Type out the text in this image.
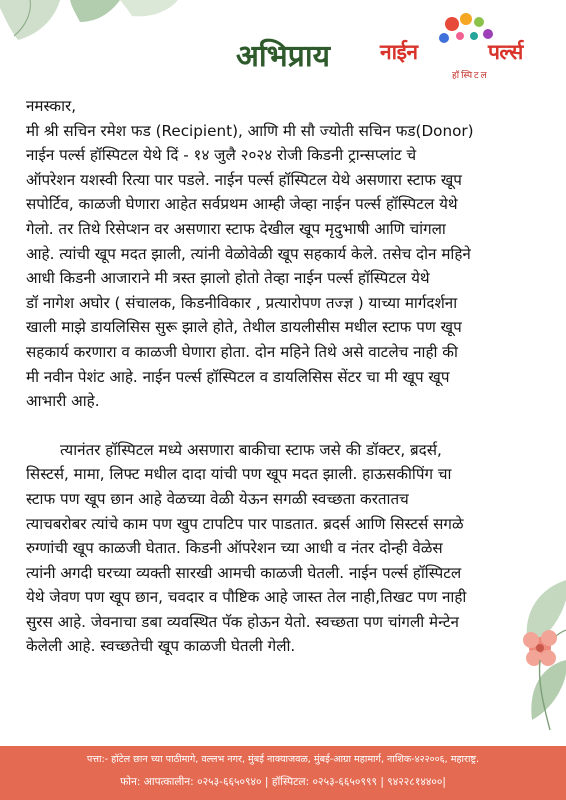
नाईन	पर्ल्स
हॉस्पिटल
अभिप्राय

नमस्कार,

मी श्री सचिन रमेश फड (Recipient), आणि मी सौ ज्योती सचिन फड(Donor)

नाईन पर्ल्स हॉस्पिटल येथे दिं - १४ जुलै २०२४ रोजी किडनी ट्रान्सप्लांट चे

ऑपरेशन यशस्वी रित्या पार पडले. नाईन पर्ल्स हॉस्पिटल येथे असणारा स्टाफ खूप

सपोर्टिव, काळजी घेणारा आहेत सर्वप्रथम आम्ही जेव्हा नाईन पर्ल्स हॉस्पिटल येथे

गेलो. तर तिथे रिसेप्शन वर असणारा स्टाफ देखील खूप मृदुभाषी आणि चांगला

आहे. त्यांची खूप मदत झाली, त्यांनी वेळोवेळी खूप सहकार्य केले. तसेच दोन महिने

आधी किडनी आजाराने मी त्रस्त झालो होतो तेव्हा नाईन पर्ल्स हॉस्पिटल येथे

डॉ नागेश अघोर ( संचालक, किडनीविकार , प्रत्यारोपण तज्ज्ञ ) याच्या मार्गदर्शना

खाली माझे डायलिसिस सुरू झाले होते, तेथील डायलीसीस मधील स्टाफ पण खूप

सहकार्य करणारा व काळजी घेणारा होता. दोन महिने तिथे असे वाटलेच नाही की

मी नवीन पेशंट आहे. नाईन पर्ल्स हॉस्पिटल व डायलिसिस सेंटर चा मी खूप खूप

आभारी आहे.

त्यानंतर हॉस्पिटल मध्ये असणारा बाकीचा स्टाफ जसे की डॉक्टर, ब्रदर्स,

सिस्टर्स, मामा, लिफ्ट मधील दादा यांची पण खूप मदत झाली. हाऊसकीपिंग चा

स्टाफ पण खूप छान आहे वेळच्या वेळी येऊन सगळी स्वच्छता करतातच

त्याचबरोबर त्यांचे काम पण खुप टापटिप पार पाडतात. ब्रदर्स आणि सिस्टर्स सगळे

रुग्णांची खूप काळजी घेतात. किडनी ऑपरेशन च्या आधी व नंतर दोन्ही वेळेस

त्यांनी अगदी घरच्या व्यक्ती सारखी आमची काळजी घेतली. नाईन पर्ल्स हॉस्पिटल

येथे जेवण पण खूप छान, चवदार व पौष्टिक आहे जास्त तेल नाही,तिखट पण नाही

सुरस आहे. जेवनाचा डबा व्यवस्थित पॅक होऊन येतो. स्वच्छता पण चांगली मेन्टेन

केलेली आहे. स्वच्छतेची खूप काळजी घेतली गेली.

पत्ता:- हॉटेल छान च्या पाठीमागे, वल्लभ नगर, मुंबई नाक्याजवळ, मुंबई-आग्रा महामार्ग, नाशिक-४२२००६, महाराष्ट्र.
फोन: आपत्कालीन: ०२५३-६६५०९४० | हॉस्पिटल: ०२५३-६६५०९९९ | ९४२२८१४४००|
